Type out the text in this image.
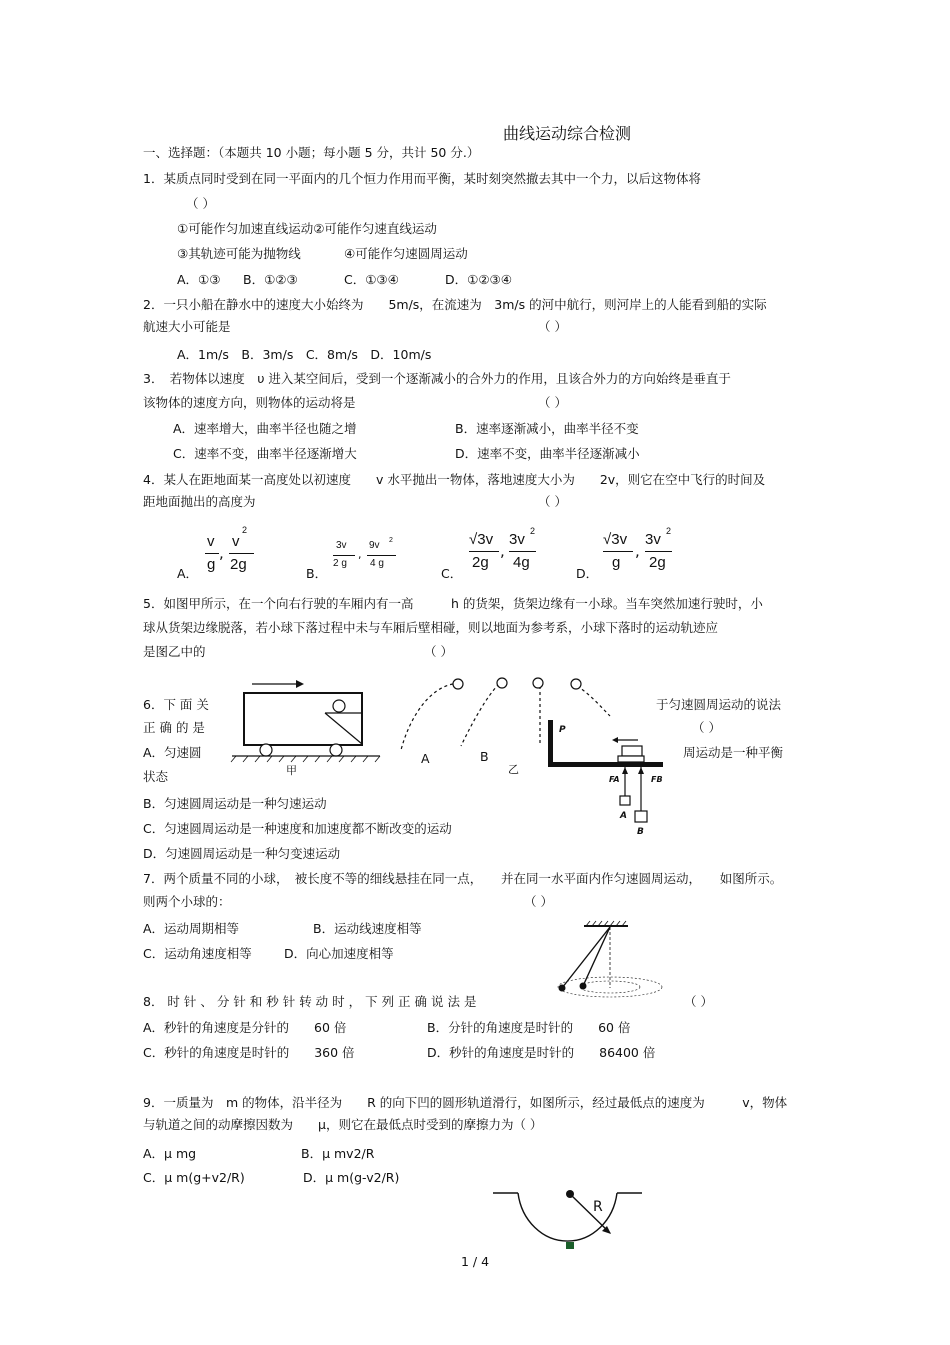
曲线运动综合检测
一、选择题：（本题共 10 小题；每小题 5 分，共计 50 分.）
1．某质点同时受到在同一平面内的几个恒力作用而平衡，某时刻突然撤去其中一个力，以后这物体将
（ ）
①可能作匀加速直线运动②可能作匀速直线运动
③其轨迹可能为抛物线	④可能作匀速圆周运动
A．①③ B．①②③	C．①③④	D．①②③④
2．一只小船在静水中的速度大小始终为　　5m/s，在流速为　3m/s 的河中航行，则河岸上的人能看到船的实际
航速大小可能是	（ ）
A．1m/s　B．3m/s　C．8m/s　D．10m/s
3．　若物体以速度　υ 进入某空间后，受到一个逐渐减小的合外力的作用，且该合外力的方向始终是垂直于
该物体的速度方向，则物体的运动将是	（ ）
A．速率增大，曲率半径也随之增	B．速率逐渐减小，曲率半径不变
C．速率不变，曲率半径逐渐增大	D．速率不变，曲率半径逐渐减小
4．某人在距地面某一高度处以初速度　　v 水平抛出一物体，落地速度大小为　　2v，则它在空中飞行的时间及
距地面抛出的高度为	（ ）
A．
v
g
,
v
2
2g
B．
3v
2 g
,
9v 2
4 g
C．
√3v
2g
,
3v 2
4g
D．
√3v
g
,
3v 2
2g
5．如图甲所示，在一个向右行驶的车厢内有一高　　　h 的货架，货架边缘有一小球。当车突然加速行驶时，小
球从货架边缘脱落，若小球下落过程中未与车厢后壁相碰，则以地面为参考系，小球下落时的运动轨迹应
是图乙中的	（ ）
甲
A	B
乙
6．下 面 关	于匀速圆周运动的说法
正 确 的 是	（ ）
A．匀速圆	周运动是一种平衡
状态
P
FA	FB
A
B
B．匀速圆周运动是一种匀速运动
C．匀速圆周运动是一种速度和加速度都不断改变的运动
D．匀速圆周运动是一种匀变速运动
7．两个质量不同的小球，　被长度不等的细线悬挂在同一点，　　并在同一水平面内作匀速圆周运动，　　如图所示。
则两个小球的：	（ ）
A．运动周期相等	B．运动线速度相等
C．运动角速度相等	D．向心加速度相等
8． 时 针 、 分 针 和 秒 针 转 动 时 ， 下 列 正 确 说 法 是	（ ）
A．秒针的角速度是分针的　　60 倍	B．分针的角速度是时针的　　60 倍
C．秒针的角速度是时针的　　360 倍	D．秒针的角速度是时针的　　86400 倍
9．一质量为　m 的物体，沿半径为　　R 的向下凹的圆形轨道滑行，如图所示，经过最低点的速度为　　　v，物体
与轨道之间的动摩擦因数为　　μ，则它在最低点时受到的摩擦力为（ ）
A．μ mg	B．μ mv2/R
C．μ m(g+v2/R)	D．μ m(g-v2/R)
R
1 / 4
